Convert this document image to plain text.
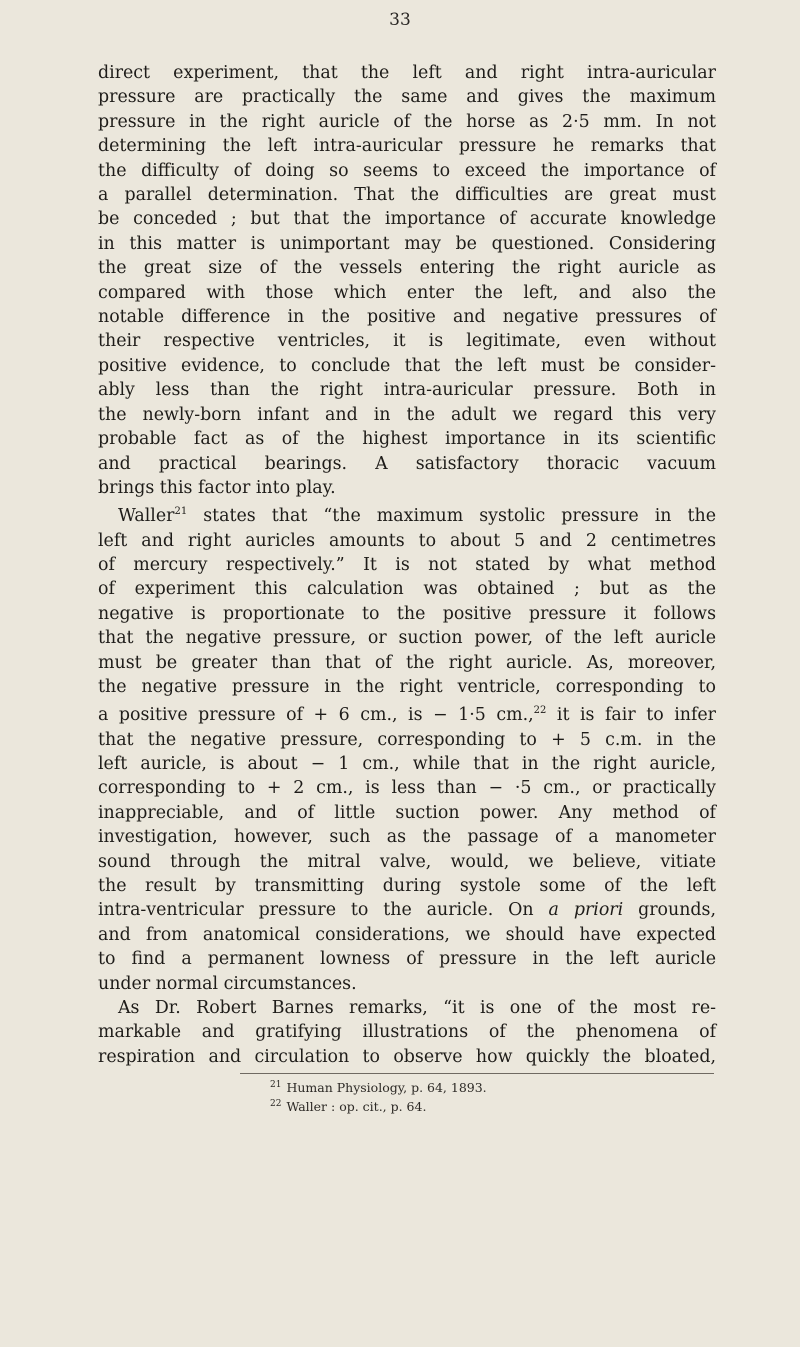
33
direct experiment, that the left and right intra-auricular
pressure are practically the same and gives the maximum
pressure in the right auricle of the horse as 2·5 mm. In not
determining the left intra-auricular pressure he remarks that
the difficulty of doing so seems to exceed the importance of
a parallel determination. That the difficulties are great must
be conceded ; but that the importance of accurate knowledge
in this matter is unimportant may be questioned. Considering
the great size of the vessels entering the right auricle as
compared with those which enter the left, and also the
notable difference in the positive and negative pressures of
their respective ventricles, it is legitimate, even without
positive evidence, to conclude that the left must be consider-
ably less than the right intra-auricular pressure. Both in
the newly-born infant and in the adult we regard this very
probable fact as of the highest importance in its scientific
and practical bearings. A satisfactory thoracic vacuum
brings this factor into play.
Waller$^{21}$ states that “the maximum systolic pressure in the
left and right auricles amounts to about 5 and 2 centimetres
of mercury respectively.” It is not stated by what method
of experiment this calculation was obtained ; but as the
negative is proportionate to the positive pressure it follows
that the negative pressure, or suction power, of the left auricle
must be greater than that of the right auricle. As, moreover,
the negative pressure in the right ventricle, corresponding to
a positive pressure of + 6 cm., is − 1·5 cm.,$^{22}$ it is fair to infer
that the negative pressure, corresponding to + 5 c.m. in the
left auricle, is about − 1 cm., while that in the right auricle,
corresponding to + 2 cm., is less than − ·5 cm., or practically
inappreciable, and of little suction power. Any method of
investigation, however, such as the passage of a manometer
sound through the mitral valve, would, we believe, vitiate
the result by transmitting during systole some of the left
intra-ventricular pressure to the auricle. On a priori grounds,
and from anatomical considerations, we should have expected
to find a permanent lowness of pressure in the left auricle
under normal circumstances.
As Dr. Robert Barnes remarks, “it is one of the most re-
markable and gratifying illustrations of the phenomena of
respiration and circulation to observe how quickly the bloated,
$^{21}$ Human Physiology, p. 64, 1893.
$^{22}$ Waller : op. cit., p. 64.
